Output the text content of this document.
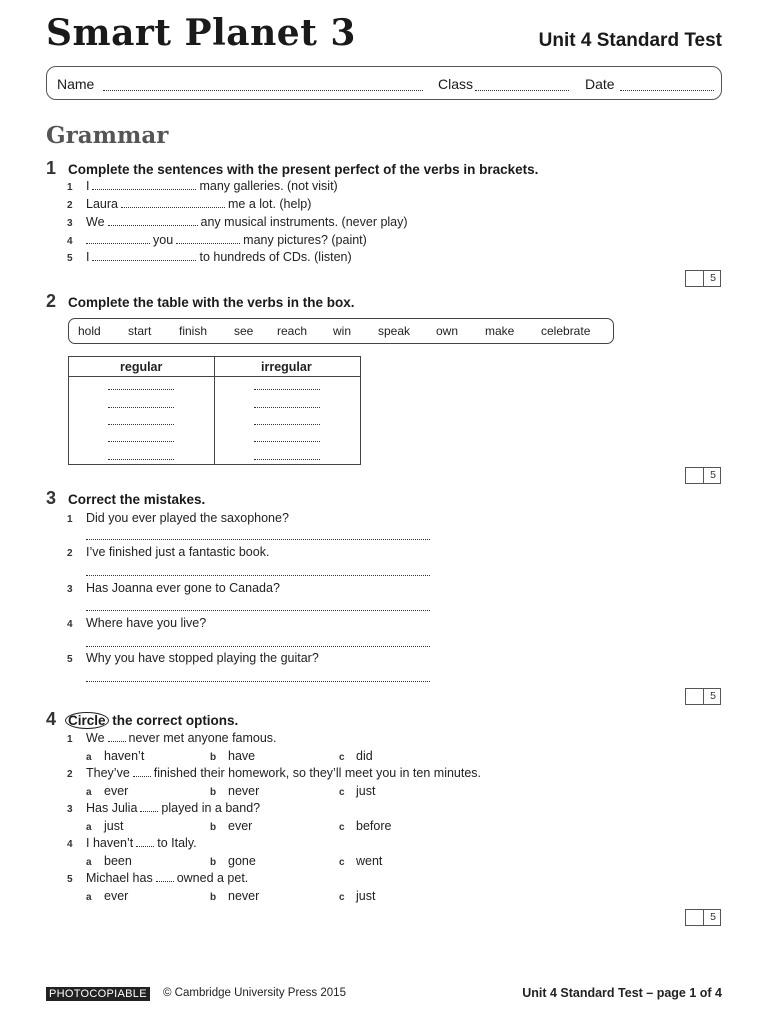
Smart Planet 3	Unit 4 Standard Test
Name	Class	Date
Grammar
1 Complete the sentences with the present perfect of the verbs in brackets.
1 I	many galleries. (not visit)
2 Laura	me a lot. (help)
3 We	any musical instruments. (never play)
4	you	many pictures? (paint)
5 I	to hundreds of CDs. (listen)
5
2 Complete the table with the verbs in the box.
hold start finish see reach win speak own make celebrate
regular	irregular
5
3 Correct the mistakes.
1 Did you ever played the saxophone?
2 I’ve finished just a fantastic book.
3 Has Joanna ever gone to Canada?
4 Where have you live?
5 Why you have stopped playing the guitar?
5
4 Circle the correct options.
1 We never met anyone famous.
a haven’t	b have	c did
2 They’ve finished their homework, so they’ll meet you in ten minutes.
a ever	b never	c just
3 Has Julia played in a band?
a just	b ever	c before
4 I haven’t to Italy.
a been	b gone	c went
5 Michael has owned a pet.
a ever	b never	c just
5
PHOTOCOPIABLE © Cambridge University Press 2015	Unit 4 Standard Test – page 1 of 4
